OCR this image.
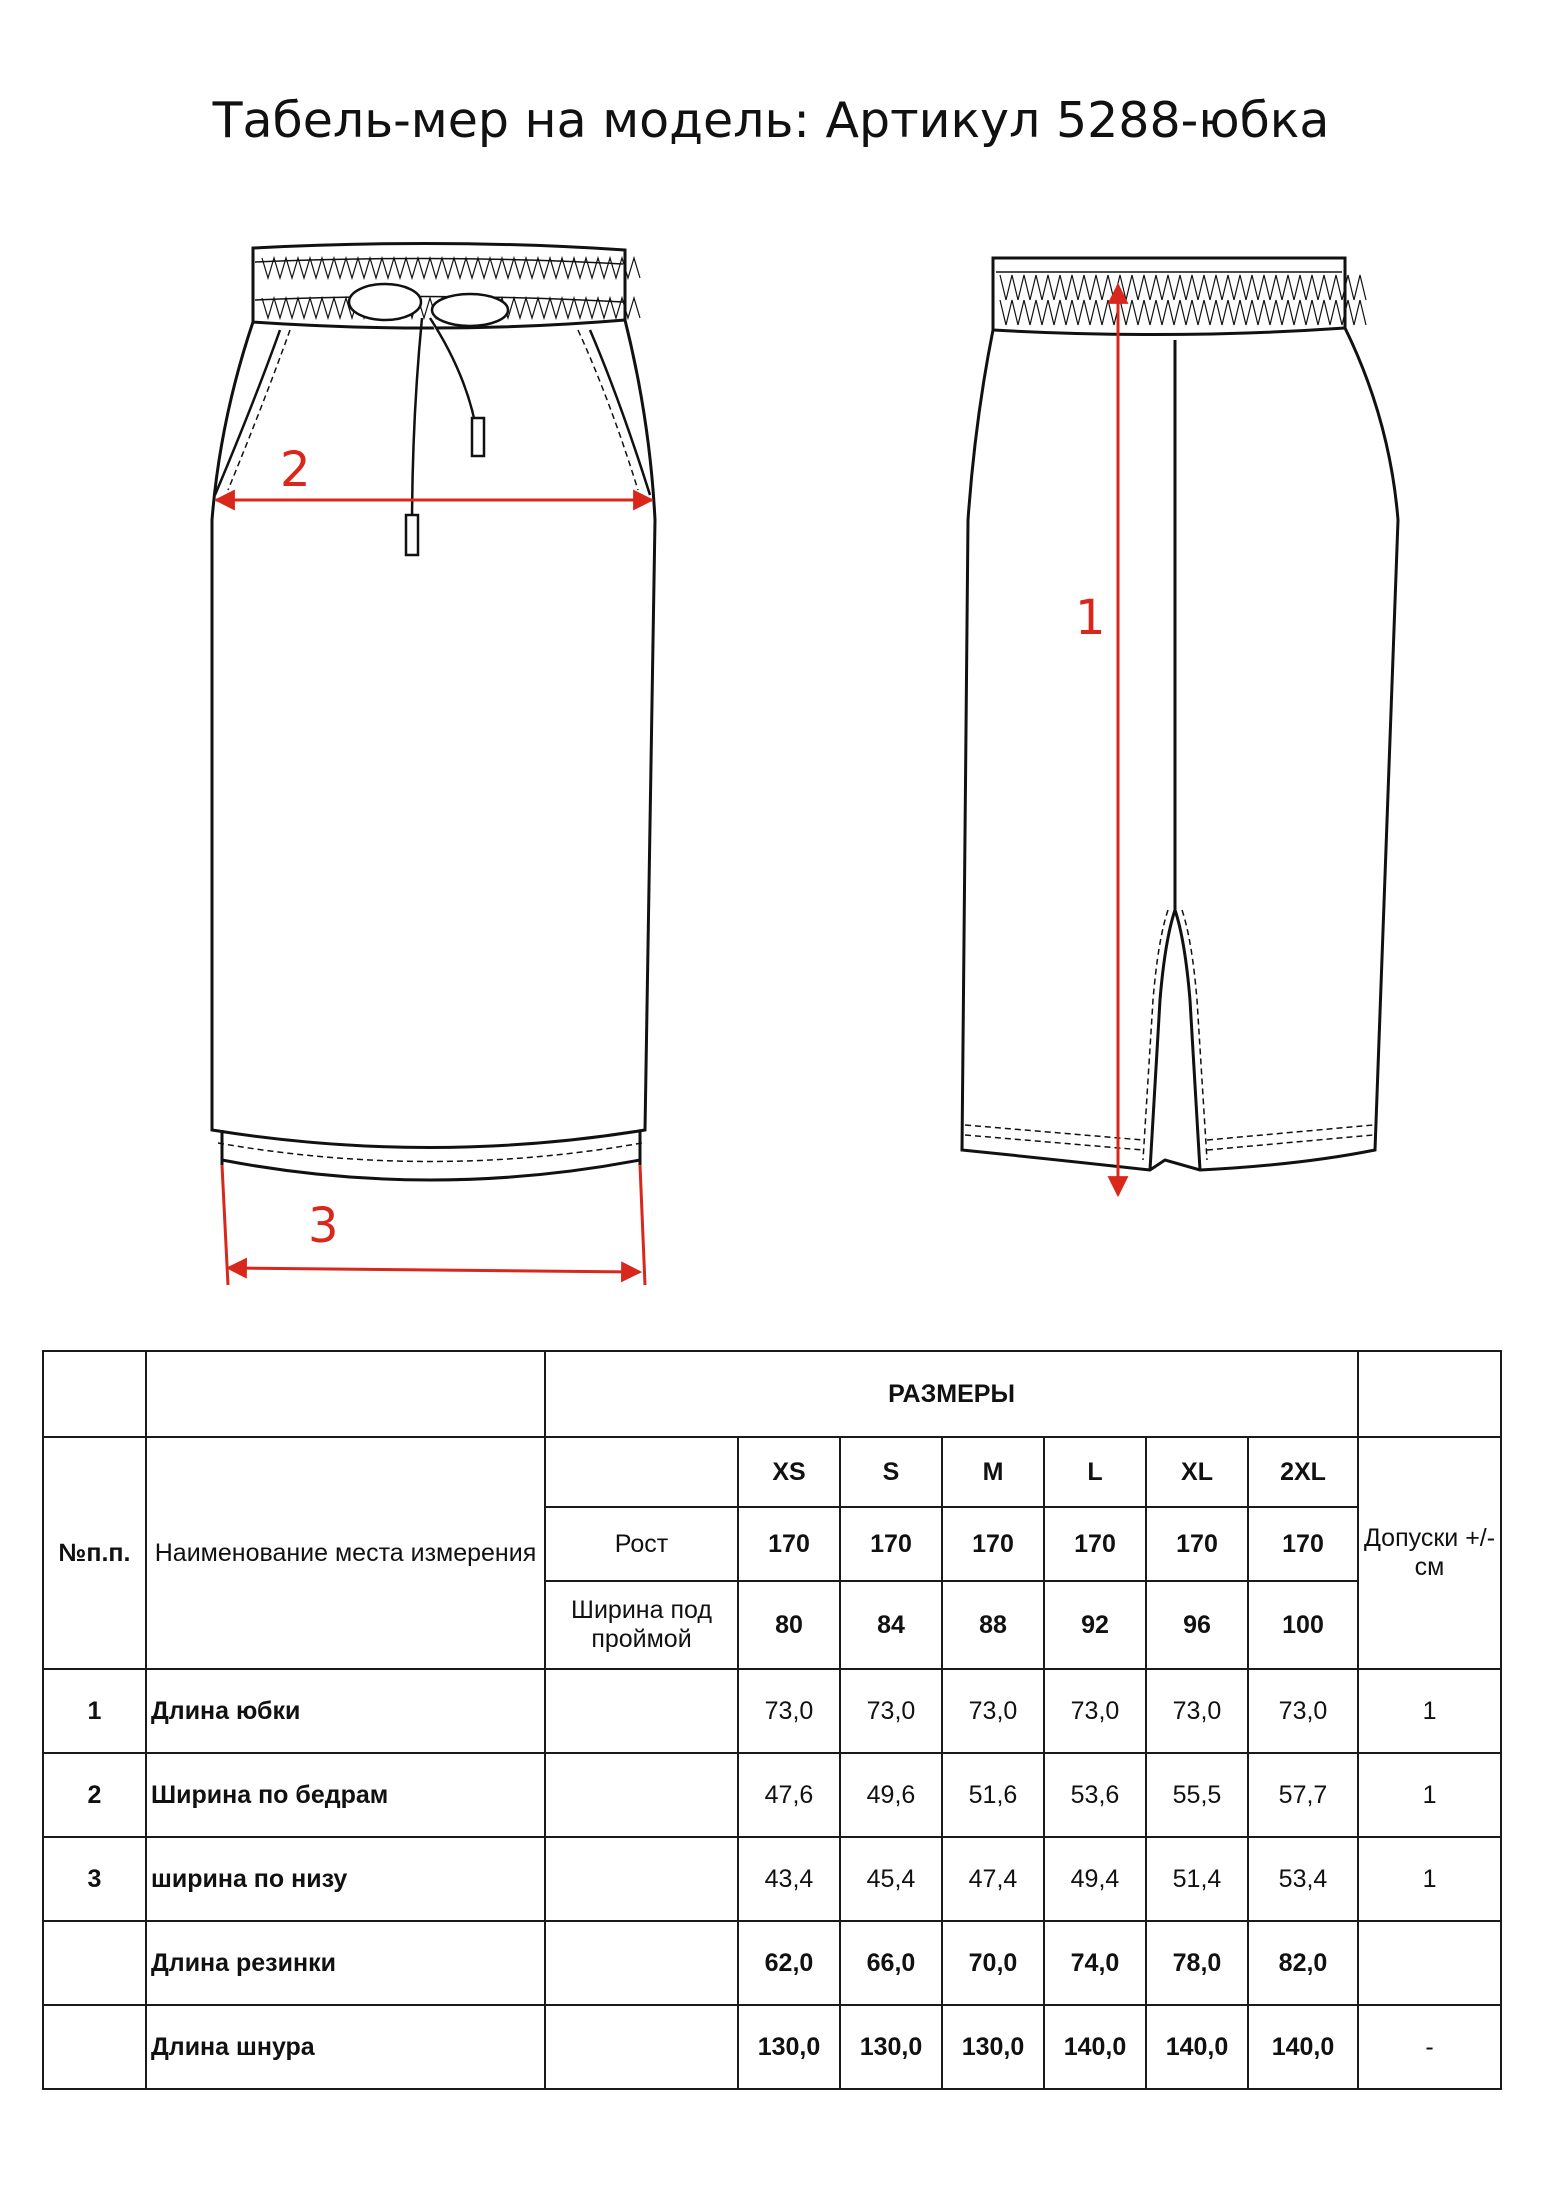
Табель-мер на модель: Артикул 5288-юбка
2
3
1
		РАЗМЕРЫ							
№п.п.	Наименование места измерения		XS	S	M	L	XL	2XL	Допуски +/- см
		Рост	170	170	170	170	170	170	
		Ширина под проймой	80	84	88	92	96	100	
1	Длина юбки		73,0	73,0	73,0	73,0	73,0	73,0	1
2	Ширина по бедрам		47,6	49,6	51,6	53,6	55,5	57,7	1
3	ширина по низу		43,4	45,4	47,4	49,4	51,4	53,4	1
	Длина резинки		62,0	66,0	70,0	74,0	78,0	82,0	
	Длина шнура		130,0	130,0	130,0	140,0	140,0	140,0	-
